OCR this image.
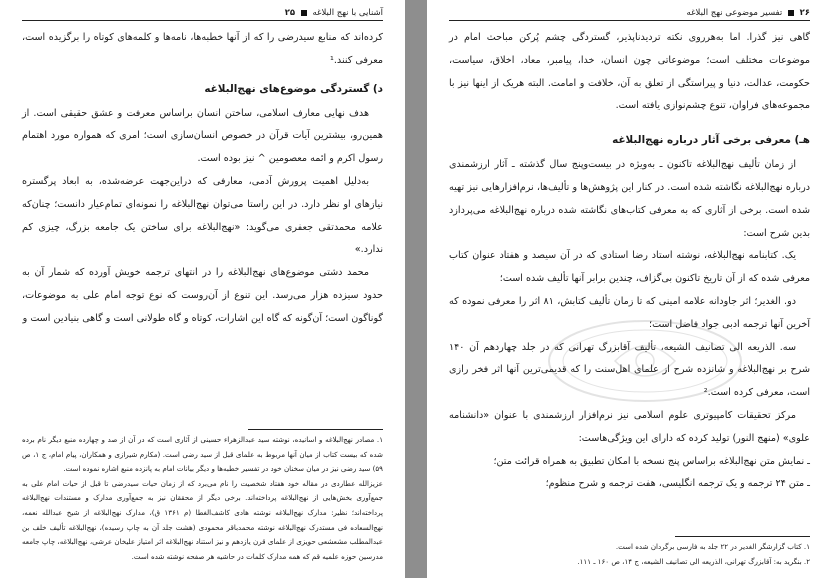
آشنایی با نهج البلاغه  ۲۵

کرده‌اند که منابع سیدرضی را که از آنها خطبه‌ها، نامه‌ها و کلمه‌های کوتاه را برگزیده است، معرفی کنند.¹

د) گستردگی موضوع‌های نهج‌البلاغه

هدف نهایی معارف اسلامی، ساختن انسان براساس معرفت و عشق حقیقی است. از همین‌رو، بیشترین آیات قرآن در خصوص انسان‌سازی است؛ امری که همواره مورد اهتمام رسول اکرم و ائمه معصومین ^ نیز بوده است.

به‌دلیل اهمیت پرورش آدمی، معارفی که دراین‌جهت عرضه‌شده، به ابعاد پرگستره نیازهای او نظر دارد. در این راستا می‌توان نهج‌البلاغه را نمونه‌ای تمام‌عیار دانست؛ چنان‌که علامه محمدتقی جعفری می‌گوید: «نهج‌البلاغه برای ساختن یک جامعه بزرگ، چیزی کم ندارد.»

محمد دشتی موضوع‌های نهج‌البلاغه را در انتهای ترجمه خویش آورده که شمار آن به حدود سیزده هزار می‌رسد. این تنوع از آن‌روست که نوع توجه امام علی به موضوعات، گوناگون است؛ آن‌گونه که گاه این اشارات، کوتاه و گاه طولانی است و گاهی بنیادین است و

۱. مصادر نهج‌البلاغه و اسانیده، نوشته سید عبدالزهراء حسینی از آثاری است که در آن از صد و چهارده منبع دیگر نام برده شده که بیست کتاب از میان آنها مربوط به علمای قبل از سید رضی است. (مکارم شیرازی و همکاران، پیام امام، ج ۱، ص ۵۹) سید رضی نیز در میان سخنان خود در تفسیر خطبه‌ها و دیگر بیانات امام به پانزده منبع اشاره نموده است.

عزیزالله عطاردی در مقاله خود هفتاد شخصیت را نام می‌برد که از زمان حیات سیدرضی تا قبل از حیات امام علی به جمع‌آوری بخش‌هایی از نهج‌البلاغه پرداخته‌اند. برخی دیگر از محققان نیز به جمع‌آوری مدارک و مستندات نهج‌البلاغه پرداخته‌اند؛ نظیر: مدارک نهج‌البلاغه نوشته هادی کاشف‌الغطا (م ۱۳۶۱ ق)، مدارک نهج‌البلاغه از شیخ عبدالله نعمه، نهج‌السعاده فی مستدرک نهج‌البلاغه نوشته محمدباقر محمودی (هشت جلد آن به چاپ رسیده)، نهج‌البلاغه تألیف خلف بن عبدالمطلب مشعشعی حویزی از علمای قرن یازدهم و نیز استناد نهج‌البلاغه اثر امتیاز علیخان عرشی، نهج‌البلاغه، چاپ جامعه مدرسین حوزه علمیه قم که همه مدارک کلمات در حاشیه هر صفحه نوشته شده است.

۲۶  تفسیر موضوعی نهج البلاغه

گاهی نیز گذرا. اما به‌هرروی نکته تردیدناپذیر، گستردگی چشم پُرکن مباحث امام در موضوعات مختلف است؛ موضوعاتی چون انسان، خدا، پیامبر، معاد، اخلاق، سیاست، حکومت، عدالت، دنیا و پیراستگی از تعلق به آن، خلافت و امامت. البته هریک از اینها نیز با مجموعه‌های فراوان، تنوع چشم‌نوازی یافته است.

هـ) معرفی برخی آثار درباره نهج‌البلاغه

از زمان تألیف نهج‌البلاغه تاکنون ـ به‌ویژه در بیست‌وپنج سال گذشته ـ آثار ارزشمندی درباره نهج‌البلاغه نگاشته شده است. در کنار این پژوهش‌ها و تألیف‌ها، نرم‌افزارهایی نیز تهیه شده است. برخی از آثاری که به معرفی کتاب‌های نگاشته شده درباره نهج‌البلاغه می‌پردازد بدین شرح است:

یک. کتابنامه نهج‌البلاغه، نوشته استاد رضا استادی که در آن سیصد و هفتاد عنوان کتاب معرفی شده که از آن تاریخ تاکنون بی‌گزاف، چندین برابر آنها تألیف شده است؛

دو. الغدیر؛ اثر جاودانه علامه امینی که تا زمان تألیف کتابش، ۸۱ اثر را معرفی نموده که آخرین آنها ترجمه ادبی جواد فاضل است؛

سه. الذریعه الی تصانیف الشیعه، تألیف آقابزرگ تهرانی که در جلد چهاردهم آن ۱۴۰ شرح بر نهج‌البلاغه و شانزده شرح از علمای اهل‌سنت را که قدیمی‌ترین آنها اثر فخر رازی است، معرفی کرده است.²

مرکز تحقیقات کامپیوتری علوم اسلامی نیز نرم‌افزار ارزشمندی با عنوان «دانشنامه علوی» (منهج النور) تولید کرده که دارای این ویژگی‌هاست:

ـ نمایش متن نهج‌البلاغه براساس پنج نسخه با امکان تطبیق به همراه قرائت متن؛

ـ متن ۲۴ ترجمه و یک ترجمه انگلیسی، هفت ترجمه و شرح منظوم؛

۱. کتاب گزارشگر الغدیر در ۲۲ جلد به فارسی برگردان شده است.

۲. بنگرید به: آقابزرگ تهرانی، الذریعه الی تصانیف الشیعه، ج ۱۴، ص ۱۶۰ ـ ۱۱۱.
